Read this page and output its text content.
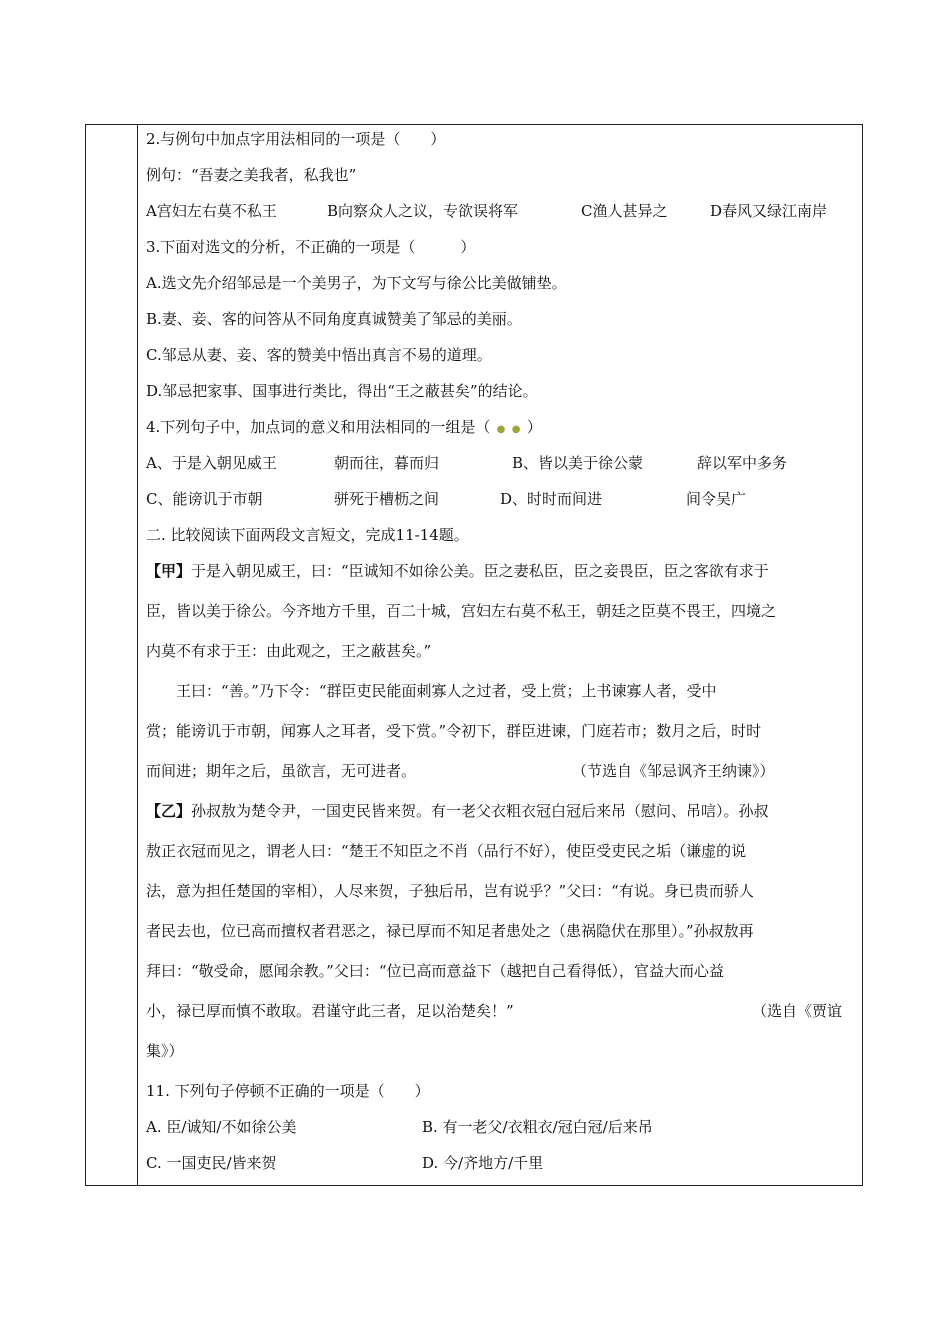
2.与例句中加点字用法相同的一项是（　　）
例句：“吾妻之美我者，私我也”
A宫妇左右莫不私王	B向察众人之议，专欲误将军	C渔人甚异之	D春风又绿江南岸
3.下面对选文的分析，不正确的一项是（　　　）
A.选文先介绍邹忌是一个美男子，为下文写与徐公比美做铺垫。
B.妻、妾、客的问答从不同角度真诚赞美了邹忌的美丽。
C.邹忌从妻、妾、客的赞美中悟出真言不易的道理。
D.邹忌把家事、国事进行类比，得出“王之蔽甚矣”的结论。
4.下列句子中，加点词的意义和用法相同的一组是（  ●  ●  ）
A、于是入朝见威王	朝而往，暮而归	B、皆以美于徐公蒙	辞以军中多务
C、能谤讥于市朝	骈死于槽枥之间	D、时时而间进	间令吴广
二. 比较阅读下面两段文言短文，完成11-14题。
【甲】于是入朝见威王，曰：“臣诚知不如徐公美。臣之妻私臣，臣之妾畏臣，臣之客欲有求于
臣，皆以美于徐公。今齐地方千里，百二十城，宫妇左右莫不私王，朝廷之臣莫不畏王，四境之
内莫不有求于王：由此观之，王之蔽甚矣。”
王曰：“善。”乃下令：“群臣吏民能面刺寡人之过者，受上赏；上书谏寡人者，受中
赏；能谤讥于市朝，闻寡人之耳者，受下赏。”令初下，群臣进谏，门庭若市；数月之后，时时
而间进；期年之后，虽欲言，无可进者。	（节选自《邹忌讽齐王纳谏》）
【乙】孙叔敖为楚令尹，一国吏民皆来贺。有一老父衣粗衣冠白冠后来吊（慰问、吊唁）。孙叔
敖正衣冠而见之，谓老人曰：“楚王不知臣之不肖（品行不好），使臣受吏民之垢（谦虚的说
法，意为担任楚国的宰相），人尽来贺，子独后吊，岂有说乎？”父曰：“有说。身已贵而骄人
者民去也，位已高而擅权者君恶之，禄已厚而不知足者患处之（患祸隐伏在那里）。”孙叔敖再
拜曰：“敬受命，愿闻余教。”父曰：“位已高而意益下（越把自己看得低），官益大而心益
小，禄已厚而慎不敢取。君谨守此三者，足以治楚矣！”	（选自《贾谊
集》）
11. 下列句子停顿不正确的一项是（　　）
A. 臣/诚知/不如徐公美	B. 有一老父/衣粗衣/冠白冠/后来吊
C. 一国吏民/皆来贺	D. 今/齐地方/千里
